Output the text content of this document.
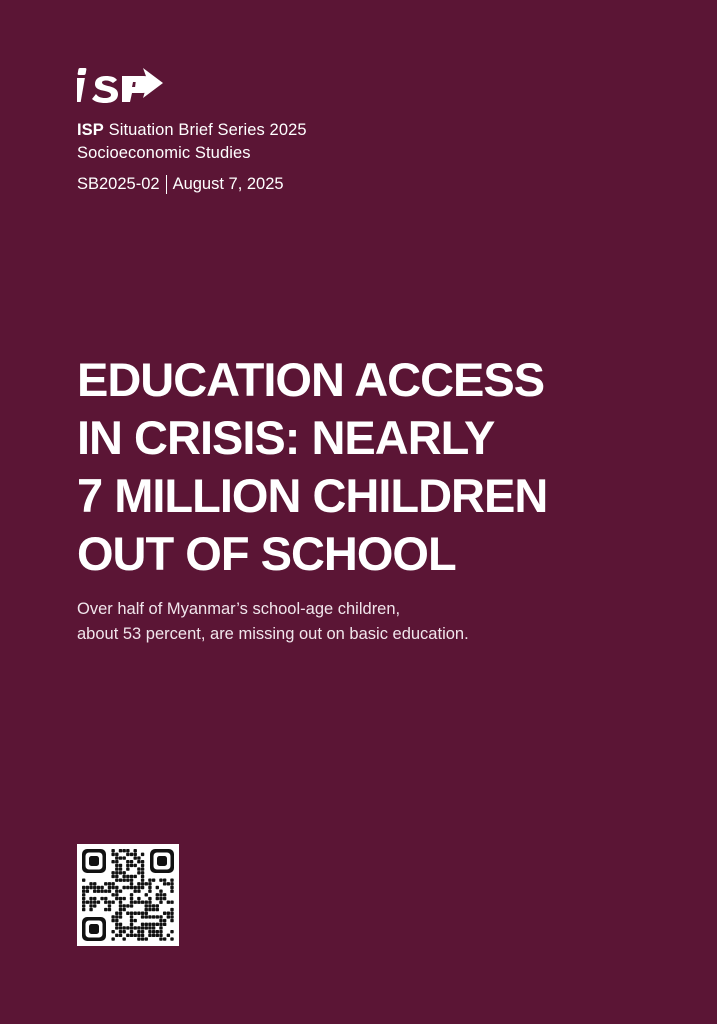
ISP Situation Brief Series 2025
Socioeconomic Studies
SB2025-02 August 7, 2025
EDUCATION ACCESS
IN CRISIS: NEARLY
7 MILLION CHILDREN
OUT OF SCHOOL
Over half of Myanmar’s school-age children,
about 53 percent, are missing out on basic education.
